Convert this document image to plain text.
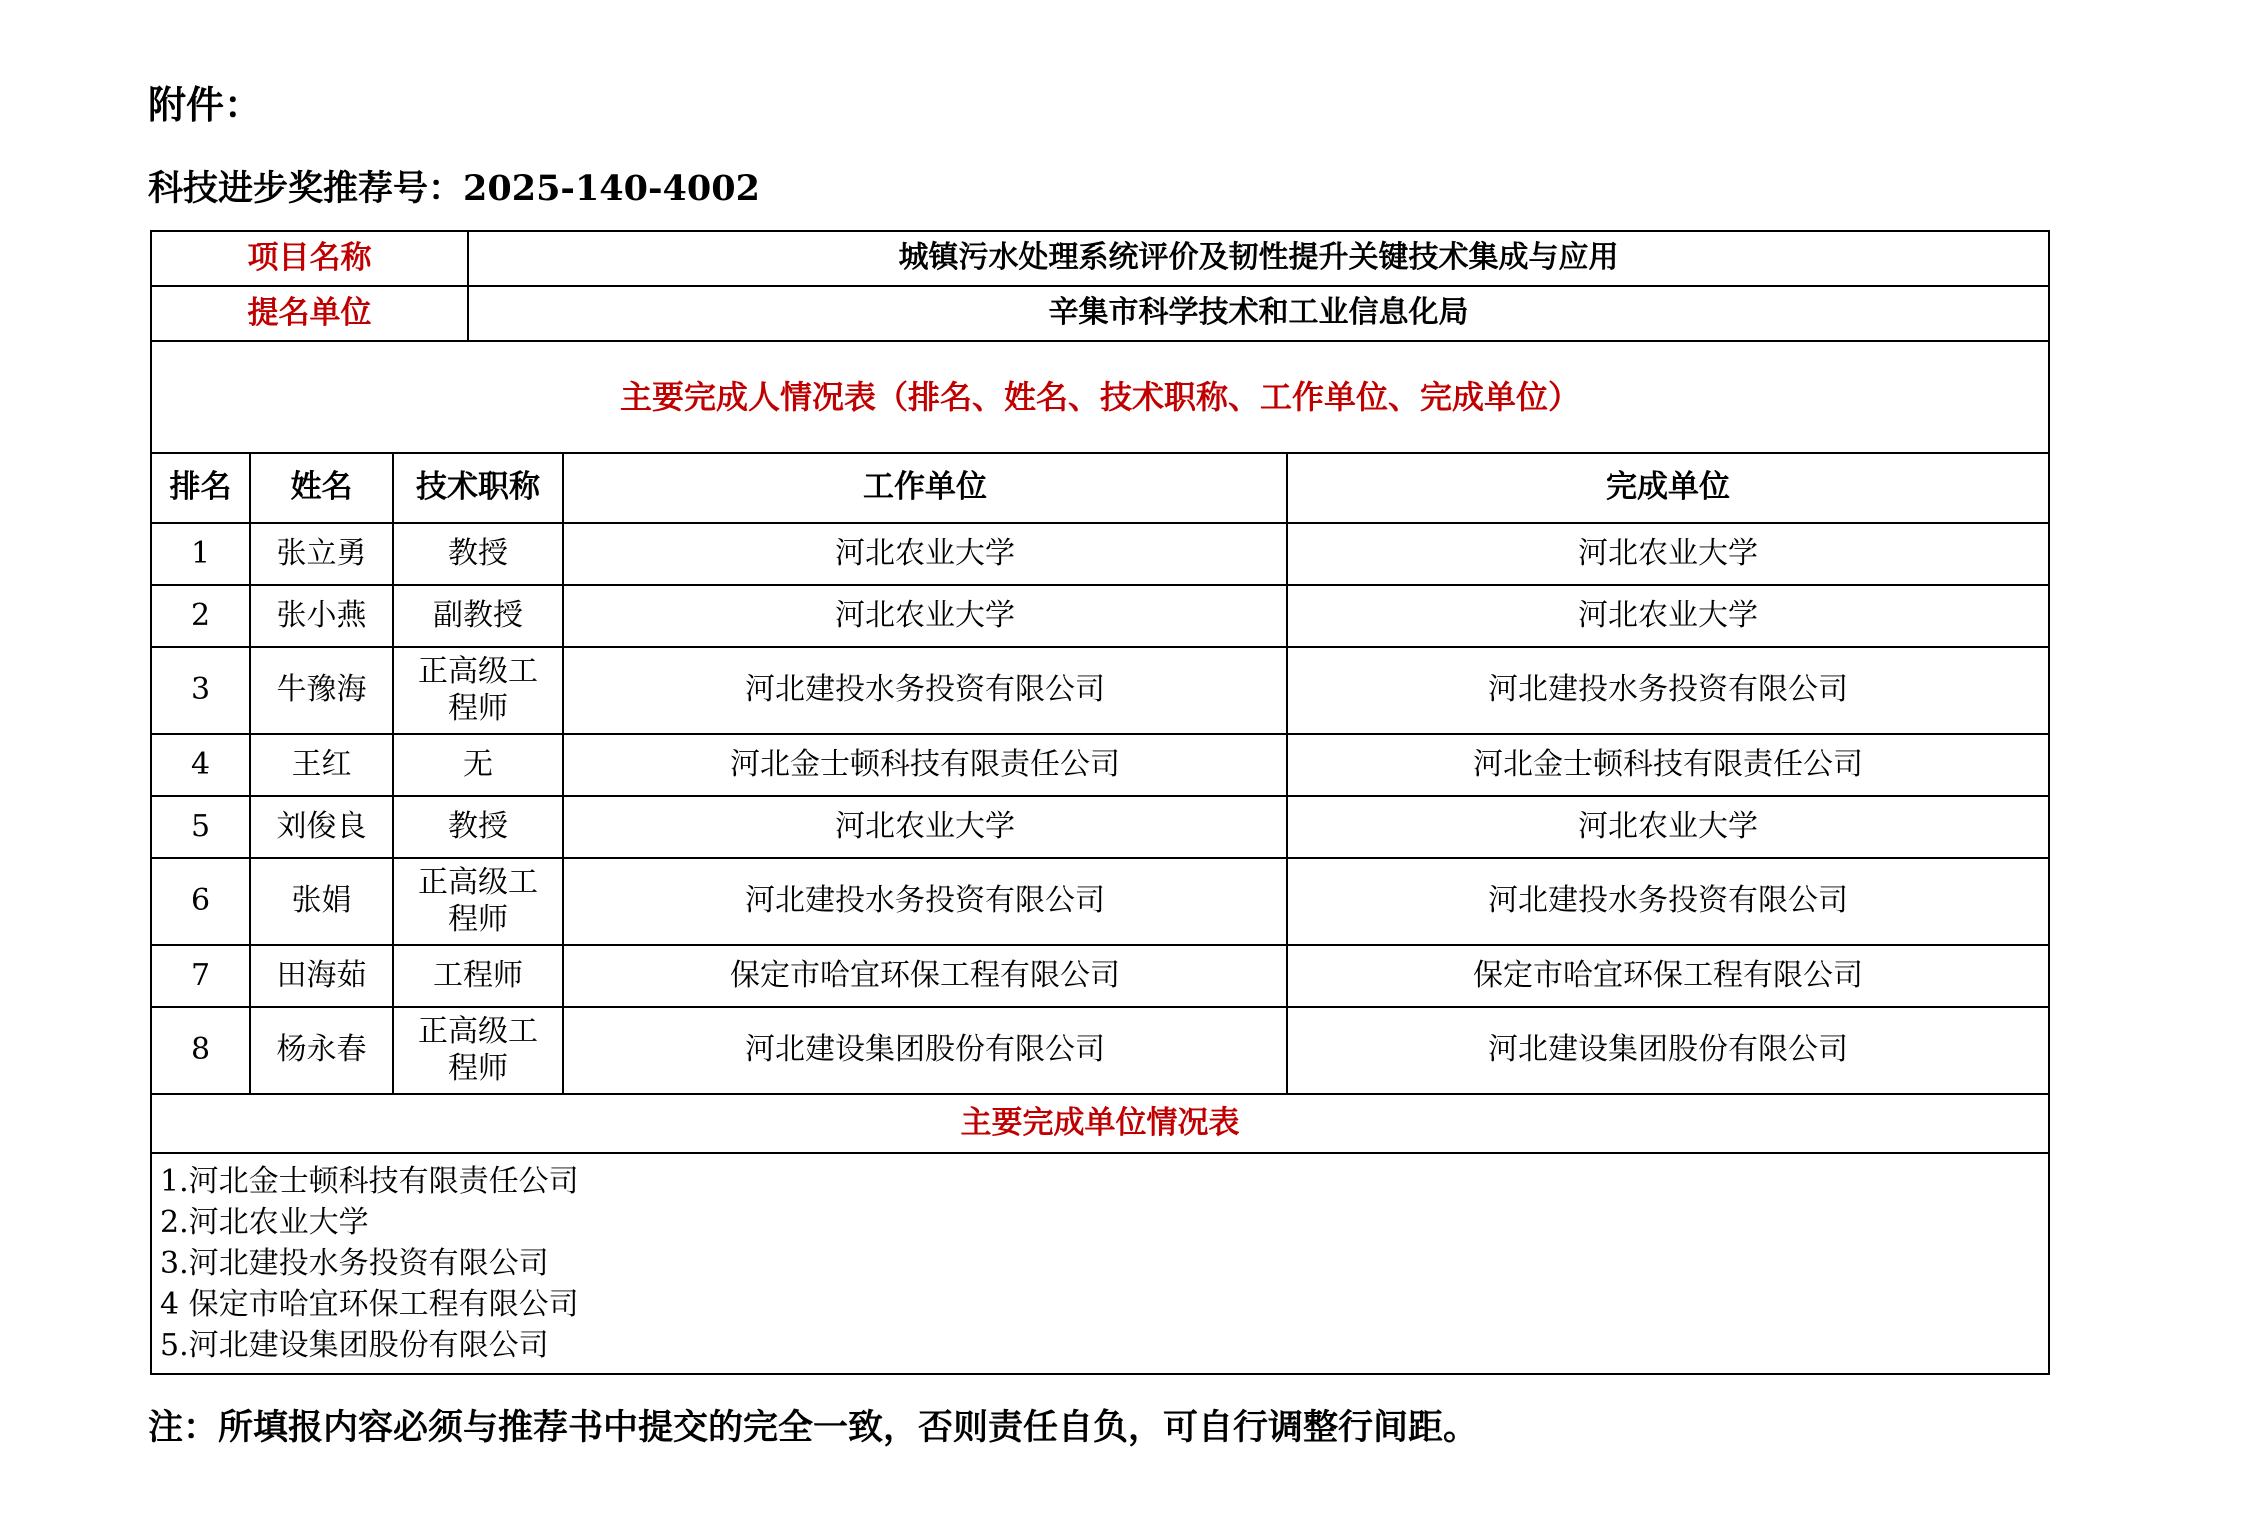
附件：
科技进步奖推荐号：2025-140-4002
项目名称	城镇污水处理系统评价及韧性提升关键技术集成与应用
提名单位	辛集市科学技术和工业信息化局
主要完成人情况表（排名、姓名、技术职称、工作单位、完成单位）				
排名	姓名	技术职称	工作单位	完成单位
1	张立勇	教授	河北农业大学	河北农业大学
2	张小燕	副教授	河北农业大学	河北农业大学
3	牛豫海	正高级工程师	河北建投水务投资有限公司	河北建投水务投资有限公司
4	王红	无	河北金士顿科技有限责任公司	河北金士顿科技有限责任公司
5	刘俊良	教授	河北农业大学	河北农业大学
6	张娟	正高级工程师	河北建投水务投资有限公司	河北建投水务投资有限公司
7	田海茹	工程师	保定市哈宜环保工程有限公司	保定市哈宜环保工程有限公司
8	杨永春	正高级工程师	河北建设集团股份有限公司	河北建设集团股份有限公司
主要完成单位情况表				

1.河北金士顿科技有限责任公司
2.河北农业大学
3.河北建投水务投资有限公司
4 保定市哈宜环保工程有限公司
5.河北建设集团股份有限公司				
注：所填报内容必须与推荐书中提交的完全一致，否则责任自负，可自行调整行间距。
